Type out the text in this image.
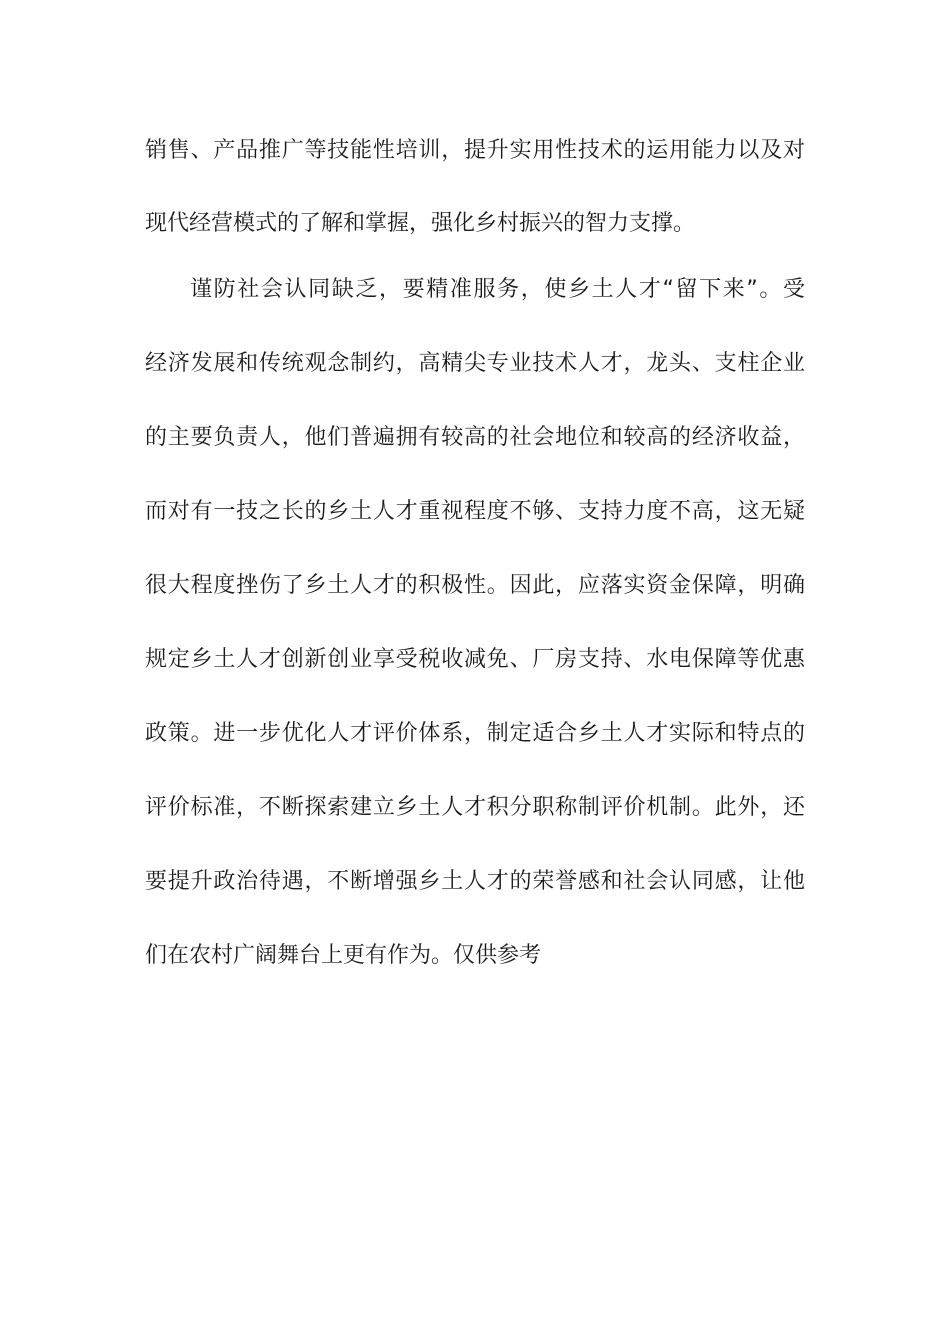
销售、产品推广等技能性培训，提升实用性技术的运用能力以及对
现代经营模式的了解和掌握，强化乡村振兴的智力支撑。
谨防社会认同缺乏，要精准服务，使乡土人才“留下来”。受
经济发展和传统观念制约，高精尖专业技术人才，龙头、支柱企业
的主要负责人，他们普遍拥有较高的社会地位和较高的经济收益，
而对有一技之长的乡土人才重视程度不够、支持力度不高，这无疑
很大程度挫伤了乡土人才的积极性。因此，应落实资金保障，明确
规定乡土人才创新创业享受税收减免、厂房支持、水电保障等优惠
政策。进一步优化人才评价体系，制定适合乡土人才实际和特点的
评价标准，不断探索建立乡土人才积分职称制评价机制。此外，还
要提升政治待遇，不断增强乡土人才的荣誉感和社会认同感，让他
们在农村广阔舞台上更有作为。仅供参考
